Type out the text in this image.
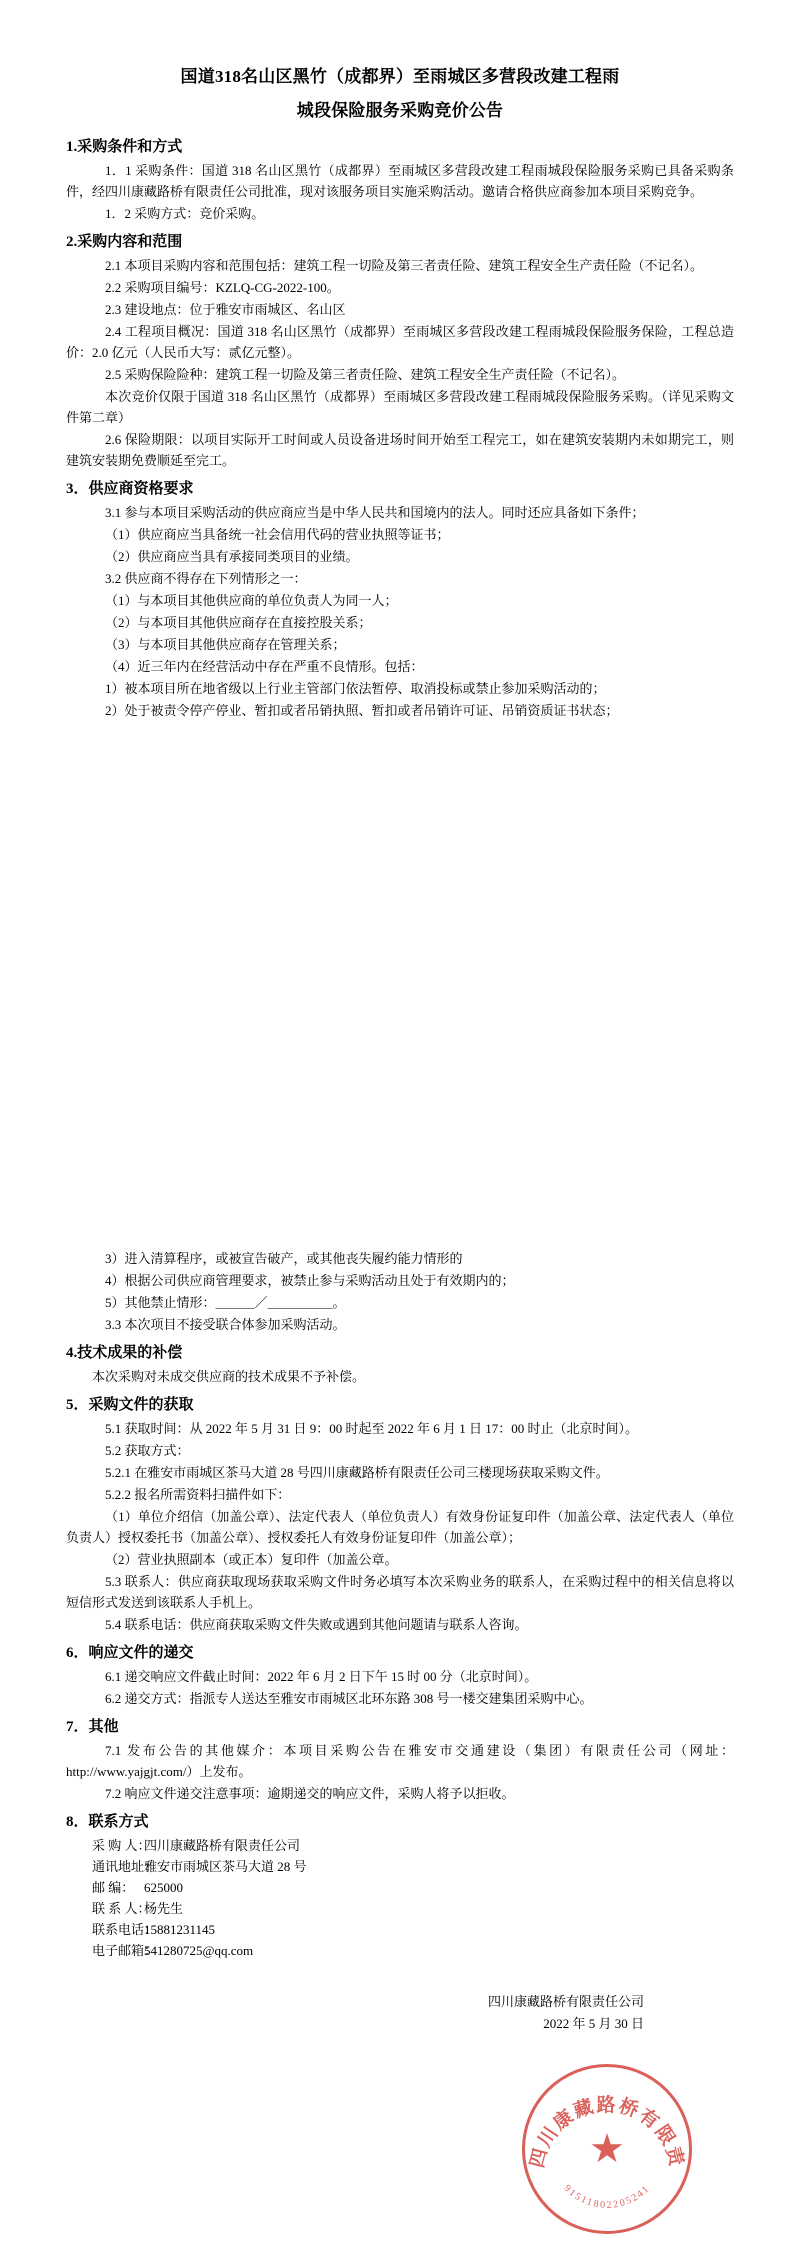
国道318名山区黑竹（成都界）至雨城区多营段改建工程雨
城段保险服务采购竞价公告
1.采购条件和方式

1．1 采购条件：国道 318 名山区黑竹（成都界）至雨城区多营段改建工程雨城段保险服务采购已具备采购条件，经四川康藏路桥有限责任公司批准，现对该服务项目实施采购活动。邀请合格供应商参加本项目采购竞争。

1．2 采购方式：竞价采购。

2.采购内容和范围

2.1 本项目采购内容和范围包括：建筑工程一切险及第三者责任险、建筑工程安全生产责任险（不记名）。

2.2 采购项目编号：KZLQ-CG-2022-100。

2.3 建设地点：位于雅安市雨城区、名山区

2.4 工程项目概况：国道 318 名山区黑竹（成都界）至雨城区多营段改建工程雨城段保险服务保险，工程总造价：2.0 亿元（人民币大写：贰亿元整）。

2.5 采购保险险种：建筑工程一切险及第三者责任险、建筑工程安全生产责任险（不记名）。

本次竞价仅限于国道 318 名山区黑竹（成都界）至雨城区多营段改建工程雨城段保险服务采购。（详见采购文件第二章）

2.6 保险期限：以项目实际开工时间或人员设备进场时间开始至工程完工，如在建筑安装期内未如期完工，则建筑安装期免费顺延至完工。

3．供应商资格要求

3.1 参与本项目采购活动的供应商应当是中华人民共和国境内的法人。同时还应具备如下条件；

（1）供应商应当具备统一社会信用代码的营业执照等证书；

（2）供应商应当具有承接同类项目的业绩。

3.2 供应商不得存在下列情形之一：

（1）与本项目其他供应商的单位负责人为同一人；

（2）与本项目其他供应商存在直接控股关系；

（3）与本项目其他供应商存在管理关系；

（4）近三年内在经营活动中存在严重不良情形。包括：

1）被本项目所在地省级以上行业主管部门依法暂停、取消投标或禁止参加采购活动的；

2）处于被责令停产停业、暂扣或者吊销执照、暂扣或者吊销许可证、吊销资质证书状态；

3）进入清算程序，或被宣告破产，或其他丧失履约能力情形的

4）根据公司供应商管理要求，被禁止参与采购活动且处于有效期内的；

5）其他禁止情形：＿＿＿／＿＿＿＿＿。

3.3 本次项目不接受联合体参加采购活动。

4.技术成果的补偿

本次采购对未成交供应商的技术成果不予补偿。

5．采购文件的获取

5.1 获取时间：从 2022 年 5 月 31 日 9：00 时起至 2022 年 6 月 1 日 17：00 时止（北京时间）。

5.2 获取方式：

5.2.1 在雅安市雨城区茶马大道 28 号四川康藏路桥有限责任公司三楼现场获取采购文件。

5.2.2 报名所需资料扫描件如下：

（1）单位介绍信（加盖公章）、法定代表人（单位负责人）有效身份证复印件（加盖公章、法定代表人（单位负责人）授权委托书（加盖公章）、授权委托人有效身份证复印件（加盖公章）；

（2）营业执照副本（或正本）复印件（加盖公章。

5.3 联系人：供应商获取现场获取采购文件时务必填写本次采购业务的联系人，在采购过程中的相关信息将以短信形式发送到该联系人手机上。

5.4 联系电话：供应商获取采购文件失败或遇到其他问题请与联系人咨询。

6．响应文件的递交

6.1 递交响应文件截止时间：2022 年 6 月 2 日下午 15 时 00 分（北京时间）。

6.2 递交方式：指派专人送达至雅安市雨城区北环东路 308 号一楼交建集团采购中心。

7．其他

7.1 发布公告的其他媒介：本项目采购公告在雅安市交通建设（集团）有限责任公司（网址：http://www.yajgjt.com/）上发布。

7.2 响应文件递交注意事项：逾期递交的响应文件，采购人将予以拒收。

8．联系方式
采 购 人：
四川康藏路桥有限责任公司
通讯地址：
雅安市雨城区茶马大道 28 号
邮 编： 625000
联 系 人：
杨先生
联系电话：
15881231145
电子邮箱：
541280725@qq.com
四川康藏路桥有限责任公司
2022 年 5 月 30 日
四川康藏路桥有限责
91511802205241
★
